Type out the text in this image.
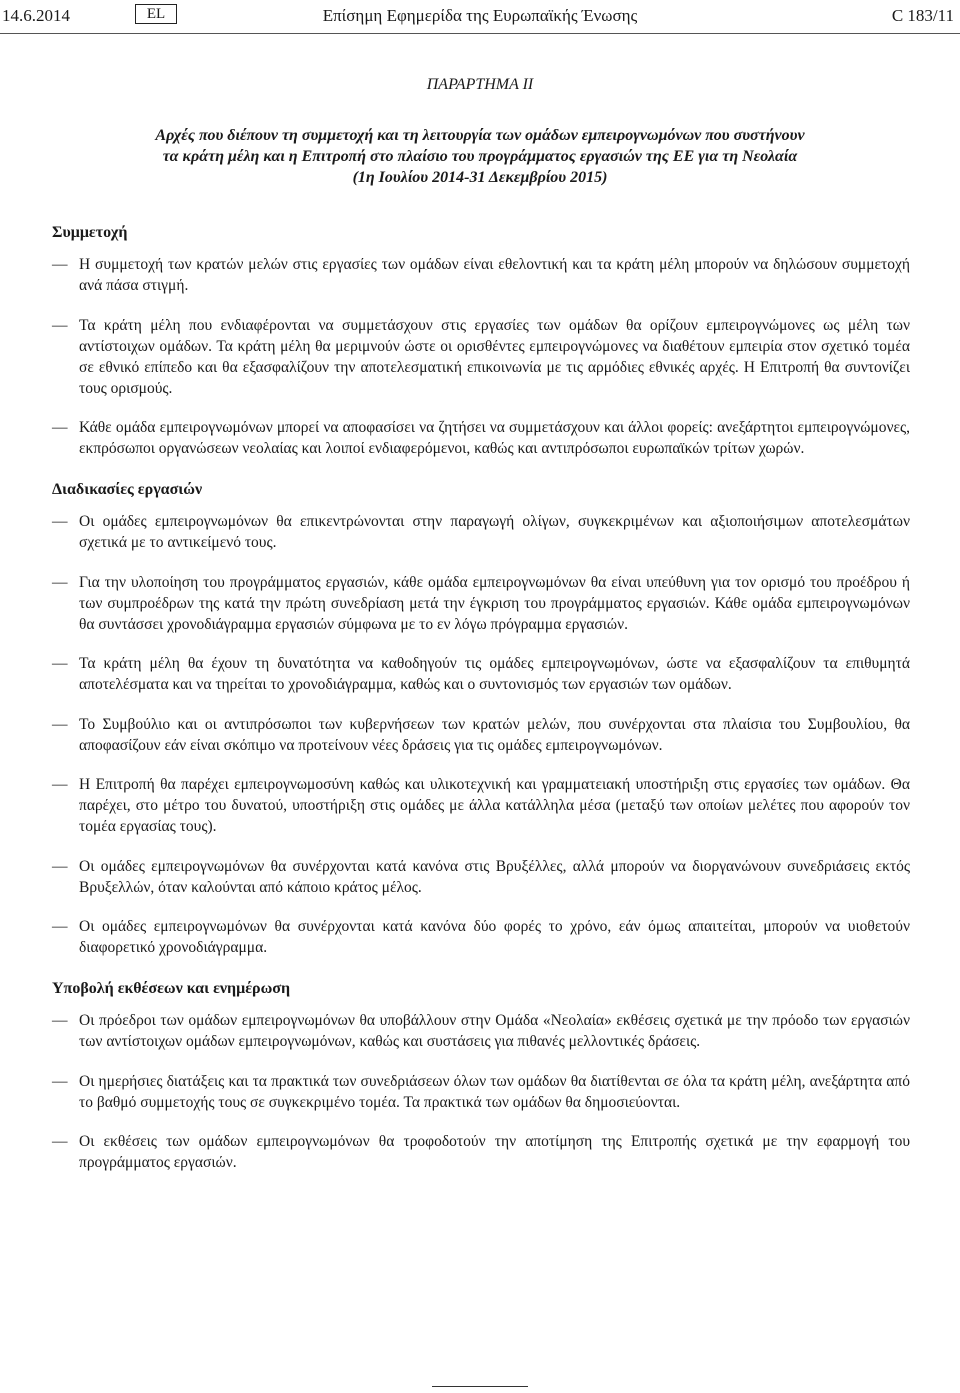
14.6.2014	EL	Επίσημη Εφημερίδα της Ευρωπαϊκής Ένωσης	C 183/11
ΠΑΡΑΡΤΗΜΑ II
Αρχές που διέπουν τη συμμετοχή και τη λειτουργία των ομάδων εμπειρογνωμόνων που συστήνουν
τα κράτη μέλη και η Επιτροπή στο πλαίσιο του προγράμματος εργασιών της ΕΕ για τη Νεολαία
(1η Ιουλίου 2014-31 Δεκεμβρίου 2015)
Συμμετοχή
— Η συμμετοχή των κρατών μελών στις εργασίες των ομάδων είναι εθελοντική και τα κράτη μέλη μπορούν να δηλώσουν συμμετοχή ανά πάσα στιγμή.
— Τα κράτη μέλη που ενδιαφέρονται να συμμετάσχουν στις εργασίες των ομάδων θα ορίζουν εμπειρογνώμονες ως μέλη των αντίστοιχων ομάδων. Τα κράτη μέλη θα μεριμνούν ώστε οι ορισθέντες εμπειρογνώμονες να διαθέτουν εμπειρία στον σχετικό τομέα σε εθνικό επίπεδο και θα εξασφαλίζουν την αποτελεσματική επικοινωνία με τις αρμόδιες εθνικές αρχές. Η Επιτροπή θα συντονίζει τους ορισμούς.
— Κάθε ομάδα εμπειρογνωμόνων μπορεί να αποφασίσει να ζητήσει να συμμετάσχουν και άλλοι φορείς: ανεξάρτητοι εμπειρογνώμονες, εκπρόσωποι οργανώσεων νεολαίας και λοιποί ενδιαφερόμενοι, καθώς και αντιπρόσωποι ευρωπαϊκών τρίτων χωρών.
Διαδικασίες εργασιών
— Οι ομάδες εμπειρογνωμόνων θα επικεντρώνονται στην παραγωγή ολίγων, συγκεκριμένων και αξιοποιήσιμων αποτελεσμάτων σχετικά με το αντικείμενό τους.
— Για την υλοποίηση του προγράμματος εργασιών, κάθε ομάδα εμπειρογνωμόνων θα είναι υπεύθυνη για τον ορισμό του προέδρου ή των συμπροέδρων της κατά την πρώτη συνεδρίαση μετά την έγκριση του προγράμματος εργασιών. Κάθε ομάδα εμπειρογνωμόνων θα συντάσσει χρονοδιάγραμμα εργασιών σύμφωνα με το εν λόγω πρόγραμμα εργασιών.
— Τα κράτη μέλη θα έχουν τη δυνατότητα να καθοδηγούν τις ομάδες εμπειρογνωμόνων, ώστε να εξασφαλίζουν τα επιθυμητά αποτελέσματα και να τηρείται το χρονοδιάγραμμα, καθώς και ο συντονισμός των εργασιών των ομάδων.
— Το Συμβούλιο και οι αντιπρόσωποι των κυβερνήσεων των κρατών μελών, που συνέρχονται στα πλαίσια του Συμβουλίου, θα αποφασίζουν εάν είναι σκόπιμο να προτείνουν νέες δράσεις για τις ομάδες εμπειρογνωμόνων.
— Η Επιτροπή θα παρέχει εμπειρογνωμοσύνη καθώς και υλικοτεχνική και γραμματειακή υποστήριξη στις εργασίες των ομάδων. Θα παρέχει, στο μέτρο του δυνατού, υποστήριξη στις ομάδες με άλλα κατάλληλα μέσα (μεταξύ των οποίων μελέτες που αφορούν τον τομέα εργασίας τους).
— Οι ομάδες εμπειρογνωμόνων θα συνέρχονται κατά κανόνα στις Βρυξέλλες, αλλά μπορούν να διοργανώνουν συνεδριάσεις εκτός Βρυξελλών, όταν καλούνται από κάποιο κράτος μέλος.
— Οι ομάδες εμπειρογνωμόνων θα συνέρχονται κατά κανόνα δύο φορές το χρόνο, εάν όμως απαιτείται, μπορούν να υιοθετούν διαφορετικό χρονοδιάγραμμα.
Υποβολή εκθέσεων και ενημέρωση
— Οι πρόεδροι των ομάδων εμπειρογνωμόνων θα υποβάλλουν στην Ομάδα «Νεολαία» εκθέσεις σχετικά με την πρόοδο των εργασιών των αντίστοιχων ομάδων εμπειρογνωμόνων, καθώς και συστάσεις για πιθανές μελλοντικές δράσεις.
— Οι ημερήσιες διατάξεις και τα πρακτικά των συνεδριάσεων όλων των ομάδων θα διατίθενται σε όλα τα κράτη μέλη, ανεξάρτητα από το βαθμό συμμετοχής τους σε συγκεκριμένο τομέα. Τα πρακτικά των ομάδων θα δημοσιεύονται.
— Οι εκθέσεις των ομάδων εμπειρογνωμόνων θα τροφοδοτούν την αποτίμηση της Επιτροπής σχετικά με την εφαρμογή του προγράμματος εργασιών.
